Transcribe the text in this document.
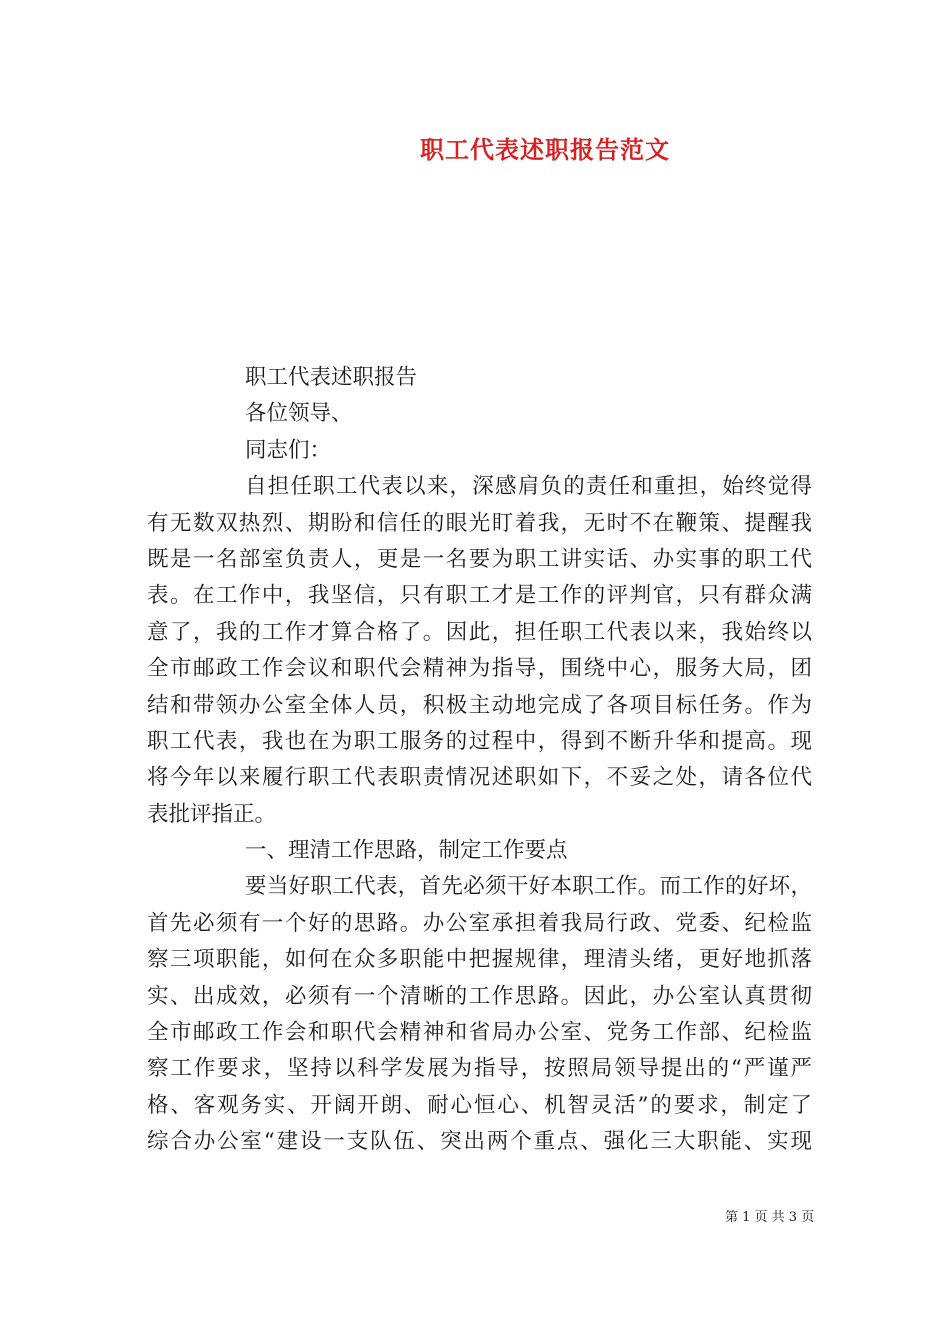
职工代表述职报告范文
职工代表述职报告
各位领导、
同志们：
自担任职工代表以来，深感肩负的责任和重担，始终觉得
有无数双热烈、期盼和信任的眼光盯着我，无时不在鞭策、提醒我
既是一名部室负责人，更是一名要为职工讲实话、办实事的职工代
表。在工作中，我坚信，只有职工才是工作的评判官，只有群众满
意了，我的工作才算合格了。因此，担任职工代表以来，我始终以
全市邮政工作会议和职代会精神为指导，围绕中心，服务大局，团
结和带领办公室全体人员，积极主动地完成了各项目标任务。作为
职工代表，我也在为职工服务的过程中，得到不断升华和提高。现
将今年以来履行职工代表职责情况述职如下，不妥之处，请各位代
表批评指正。
一、理清工作思路，制定工作要点
要当好职工代表，首先必须干好本职工作。而工作的好坏，
首先必须有一个好的思路。办公室承担着我局行政、党委、纪检监
察三项职能，如何在众多职能中把握规律，理清头绪，更好地抓落
实、出成效，必须有一个清晰的工作思路。因此，办公室认真贯彻
全市邮政工作会和职代会精神和省局办公室、党务工作部、纪检监
察工作要求，坚持以科学发展为指导，按照局领导提出的“严谨严
格、客观务实、开阔开朗、耐心恒心、机智灵活”的要求，制定了
综合办公室“建设一支队伍、突出两个重点、强化三大职能、实现
第 1 页 共 3 页
